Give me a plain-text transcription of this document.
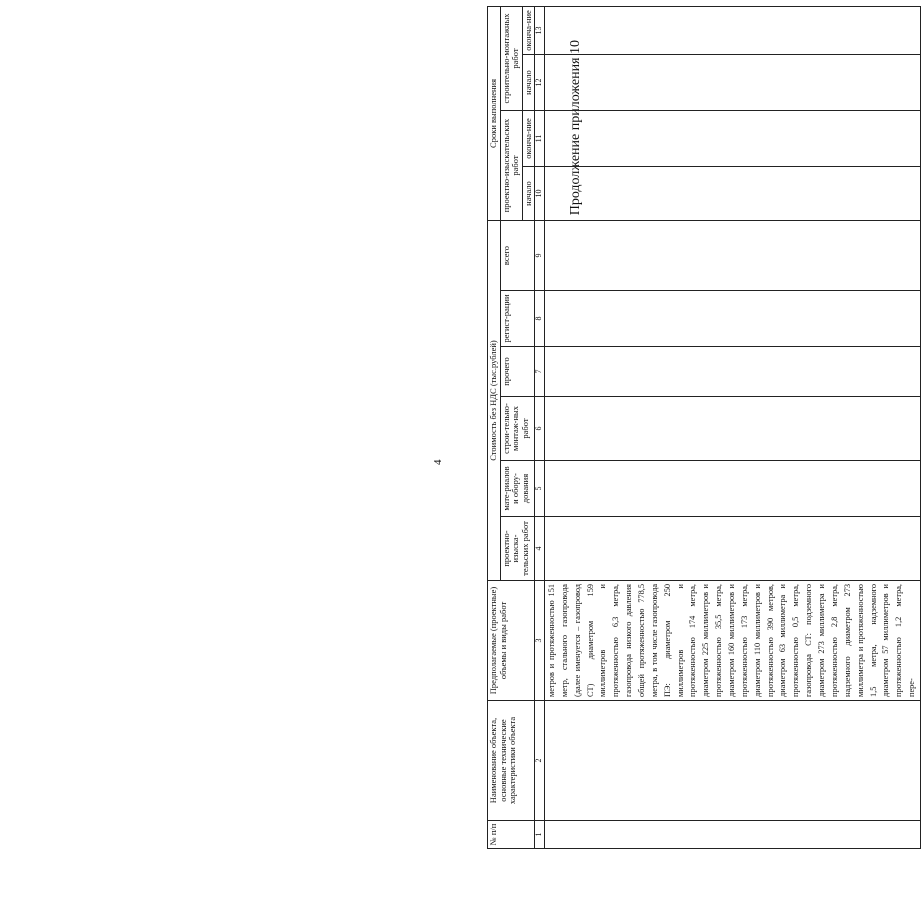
4
Продолжение приложения 10
№ п/п	Наименование объекта, основные технические характеристики объекта	Предполагаемые (проектные) объемы и виды работ	Стоимость без НДС (тыс.рублей)						Сроки выполнения			
			проектно-изыска-тельских работ	мате-риалов и обору-дования	строи-тельно-монтаж-ных работ	прочего	регист-рации	всего	проектно-изыскательских работ		строительно-монтажных работ	
									начало	оконча-ние	начало	оконча-ние
1	2	3	4	5	6	7	8	9	10	11	12	13
		метров и протяженностью 151 метр, стального газопровода (далее именуется – газопровод СТ) диаметром 159 миллиметров и протяженностью 6,3 метра, газопровода низкого давления общей протяженностью 778,5 метра, в том числе газопровода ПЭ: диаметром 250 миллиметров и протяженностью 174 метра, диаметром 225 миллиметров и протяженностью 35,5 метра, диаметром 160 миллиметров и протяженностью 173 метра, диаметром 110 миллиметров и протяженностью 390 метров, диаметром 63 миллиметра и протяженностью 0,5 метра, газопровода СТ: подземного диаметром 273 миллиметра и протяженностью 2,8 метра, надземного диаметром 273 миллиметра и протяженностью 1,5 метра, надземного диаметром 57 миллиметров и протяженностью 1,2 метра, пере-										
